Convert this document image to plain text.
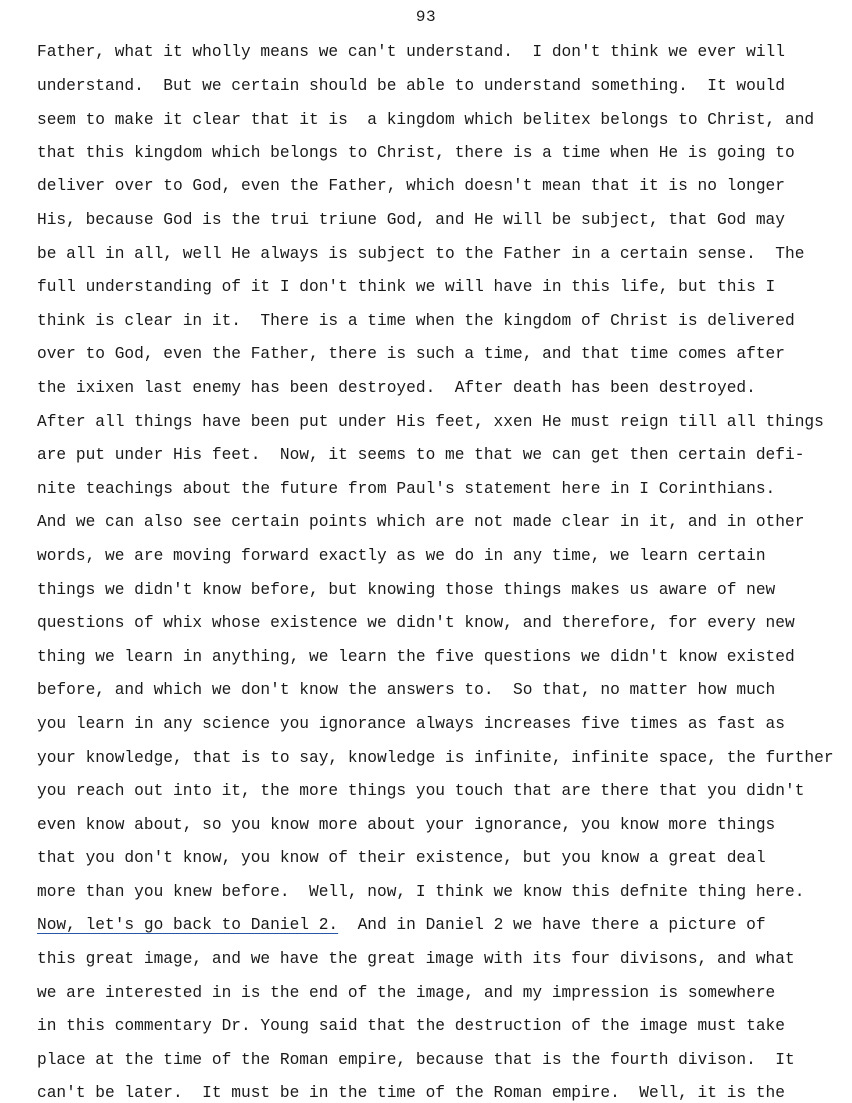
93
Father, what it wholly means we can't understand.  I don't think we ever will
understand.  But we certain should be able to understand something.  It would
seem to make it clear that it is  a kingdom which belitex belongs to Christ, and
that this kingdom which belongs to Christ, there is a time when He is going to
deliver over to God, even the Father, which doesn't mean that it is no longer
His, because God is the trui triune God, and He will be subject, that God may
be all in all, well He always is subject to the Father in a certain sense.  The
full understanding of it I don't think we will have in this life, but this I
think is clear in it.  There is a time when the kingdom of Christ is delivered
over to God, even the Father, there is such a time, and that time comes after
the ixixen last enemy has been destroyed.  After death has been destroyed.
After all things have been put under His feet, xxen He must reign till all things
are put under His feet.  Now, it seems to me that we can get then certain defi-
nite teachings about the future from Paul's statement here in I Corinthians.
And we can also see certain points which are not made clear in it, and in other
words, we are moving forward exactly as we do in any time, we learn certain
things we didn't know before, but knowing those things makes us aware of new
questions of whix whose existence we didn't know, and therefore, for every new
thing we learn in anything, we learn the five questions we didn't know existed
before, and which we don't know the answers to.  So that, no matter how much
you learn in any science you ignorance always increases five times as fast as
your knowledge, that is to say, knowledge is infinite, infinite space, the further
you reach out into it, the more things you touch that are there that you didn't
even know about, so you know more about your ignorance, you know more things
that you don't know, you know of their existence, but you know a great deal
more than you knew before.  Well, now, I think we know this defnite thing here.
Now, let's go back to Daniel 2.  And in Daniel 2 we have there a picture of
this great image, and we have the great image with its four divisons, and what
we are interested in is the end of the image, and my impression is somewhere
in this commentary Dr. Young said that the destruction of the image must take
place at the time of the Roman empire, because that is the fourth divison.  It
can't be later.  It must be in the time of the Roman empire.  Well, it is the
